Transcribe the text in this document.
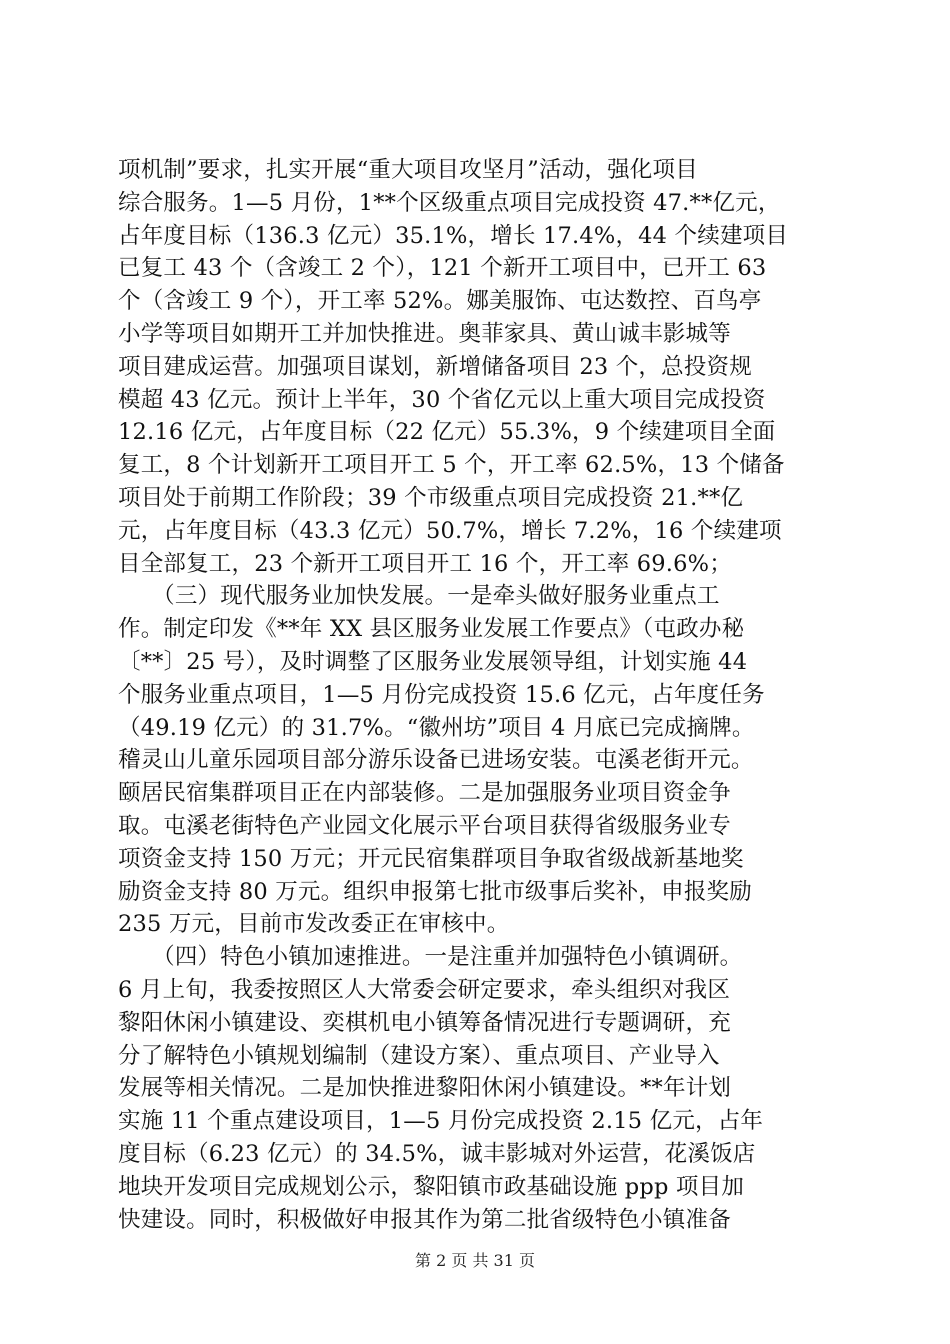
项机制”要求，扎实开展“重大项目攻坚月”活动，强化项目
综合服务。1—5 月份，1**个区级重点项目完成投资 47.**亿元，
占年度目标（136.3 亿元）35.1%，增长 17.4%，44 个续建项目
已复工 43 个（含竣工 2 个），121 个新开工项目中，已开工 63
个（含竣工 9 个），开工率 52%。娜美服饰、屯达数控、百鸟亭
小学等项目如期开工并加快推进。奥菲家具、黄山诚丰影城等
项目建成运营。加强项目谋划，新增储备项目 23 个，总投资规
模超 43 亿元。预计上半年，30 个省亿元以上重大项目完成投资
12.16 亿元，占年度目标（22 亿元）55.3%，9 个续建项目全面
复工，8 个计划新开工项目开工 5 个，开工率 62.5%，13 个储备
项目处于前期工作阶段；39 个市级重点项目完成投资 21.**亿
元，占年度目标（43.3 亿元）50.7%，增长 7.2%，16 个续建项
目全部复工，23 个新开工项目开工 16 个，开工率 69.6%；
　　（三）现代服务业加快发展。一是牵头做好服务业重点工
作。制定印发《**年 XX 县区服务业发展工作要点》（屯政办秘
〔**〕25 号），及时调整了区服务业发展领导组，计划实施 44
个服务业重点项目，1—5 月份完成投资 15.6 亿元，占年度任务
（49.19 亿元）的 31.7%。“徽州坊”项目 4 月底已完成摘牌。
稽灵山儿童乐园项目部分游乐设备已进场安装。屯溪老街开元。
颐居民宿集群项目正在内部装修。二是加强服务业项目资金争
取。屯溪老街特色产业园文化展示平台项目获得省级服务业专
项资金支持 150 万元；开元民宿集群项目争取省级战新基地奖
励资金支持 80 万元。组织申报第七批市级事后奖补，申报奖励
235 万元，目前市发改委正在审核中。
　　（四）特色小镇加速推进。一是注重并加强特色小镇调研。
6 月上旬，我委按照区人大常委会研定要求，牵头组织对我区
黎阳休闲小镇建设、奕棋机电小镇筹备情况进行专题调研，充
分了解特色小镇规划编制（建设方案）、重点项目、产业导入
发展等相关情况。二是加快推进黎阳休闲小镇建设。**年计划
实施 11 个重点建设项目，1—5 月份完成投资 2.15 亿元，占年
度目标（6.23 亿元）的 34.5%，诚丰影城对外运营，花溪饭店
地块开发项目完成规划公示，黎阳镇市政基础设施 ppp 项目加
快建设。同时，积极做好申报其作为第二批省级特色小镇准备
第 2 页 共 31 页
